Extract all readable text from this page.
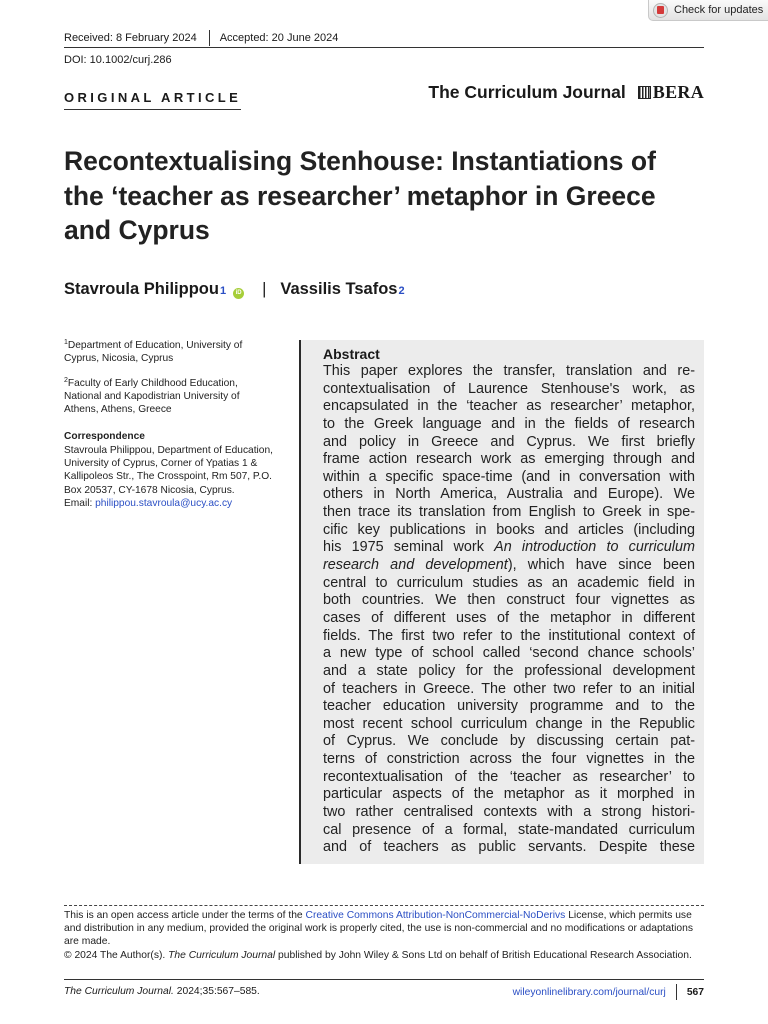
Check for updates
Received: 8 February 2024 Accepted: 20 June 2024
DOI: 10.1002/curj.286
ORIGINAL ARTICLE	The Curriculum Journal BERA
Recontextualising Stenhouse: Instantiations of
the ‘teacher as researcher’ metaphor in Greece
and Cyprus
Stavroula Philippou 1	iD | Vassilis Tsafos 2

$^1$Department of Education, University of Cyprus, Nicosia, Cyprus

$^2$Faculty of Early Childhood Education, National and Kapodistrian University of Athens, Athens, Greece

Correspondence

Stavroula Philippou, Department of Education, University of Cyprus, Corner of Ypatias 1 & Kallipoleos Str., The Crosspoint, Rm 507, P.O. Box 20537, CY-1678 Nicosia, Cyprus.

Email: philippou.stavroula@ucy.ac.cy

Abstract
This paper explores the transfer, translation and re-
contextualisation of Laurence Stenhouse's work, as
encapsulated in the ‘teacher as researcher’ metaphor,
to the Greek language and in the fields of research
and policy in Greece and Cyprus. We first briefly
frame action research work as emerging through and
within a specific space-time (and in conversation with
others in North America, Australia and Europe). We
then trace its translation from English to Greek in spe-
cific key publications in books and articles (including
his 1975 seminal work An introduction to curriculum
research and development), which have since been
central to curriculum studies as an academic field in
both countries. We then construct four vignettes as
cases of different uses of the metaphor in different
fields. The first two refer to the institutional context of
a new type of school called ‘second chance schools’
and a state policy for the professional development
of teachers in Greece. The other two refer to an initial
teacher education university programme and to the
most recent school curriculum change in the Republic
of Cyprus. We conclude by discussing certain pat-
terns of constriction across the four vignettes in the
recontextualisation of the ‘teacher as researcher’ to
particular aspects of the metaphor as it morphed in
two rather centralised contexts with a strong histori-
cal presence of a formal, state-mandated curriculum
and of teachers as public servants. Despite these

This is an open access article under the terms of the Creative Commons Attribution-NonCommercial-NoDerivs License, which permits use and distribution in any medium, provided the original work is properly cited, the use is non-commercial and no modifications or adaptations are made.

© 2024 The Author(s). The Curriculum Journal published by John Wiley & Sons Ltd on behalf of British Educational Research Association.

The Curriculum Journal. 2024;35:567–585.	wileyonlinelibrary.com/journal/curj 567
